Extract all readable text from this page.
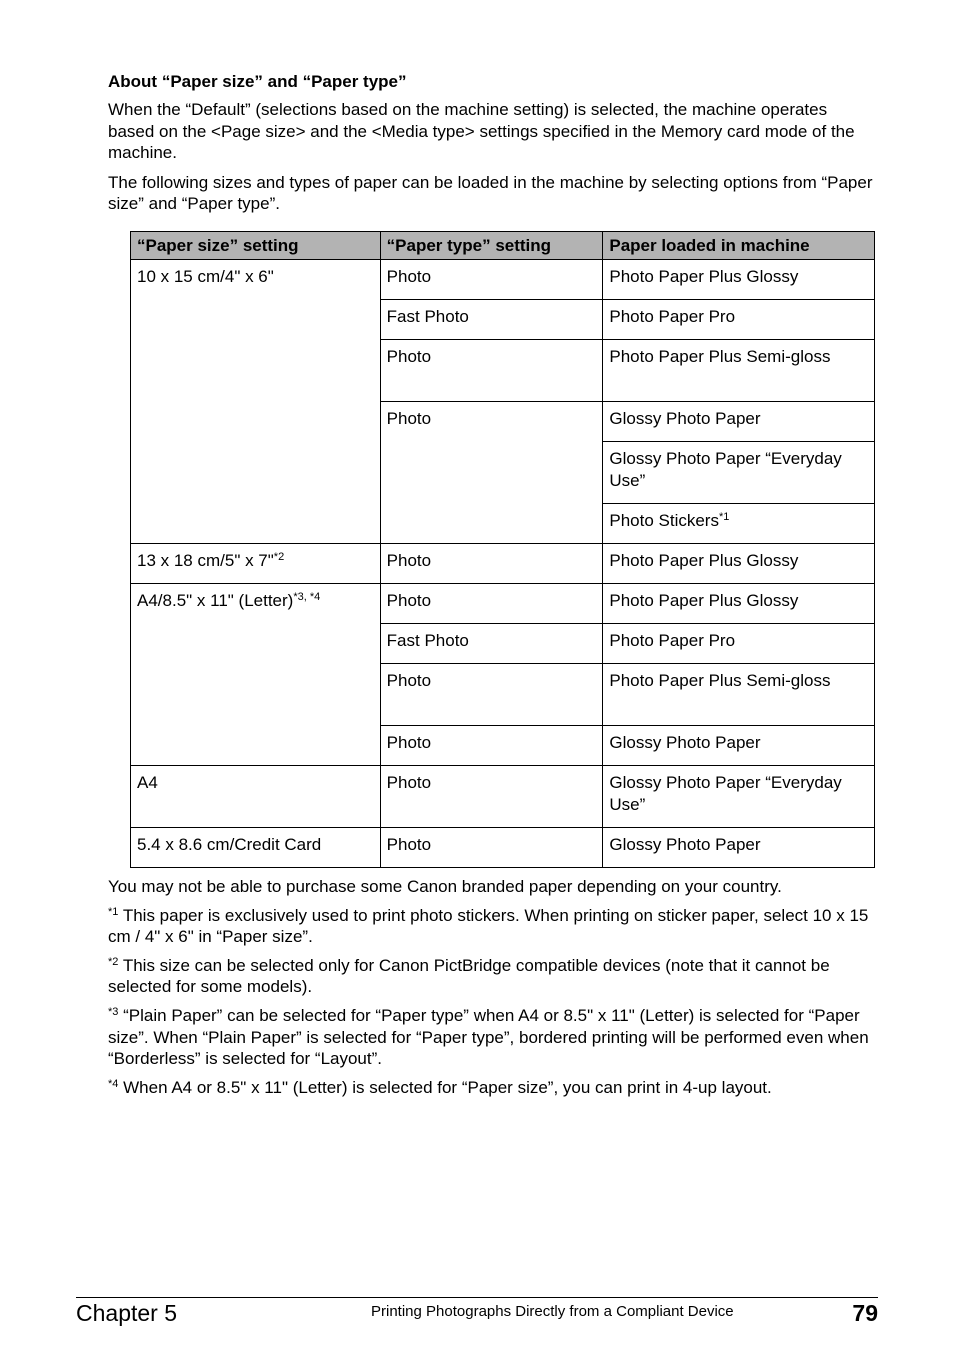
About “Paper size” and “Paper type”

When the “Default” (selections based on the machine setting) is selected, the machine operates based on the <Page size> and the <Media type> settings specified in the Memory card mode of the machine.

The following sizes and types of paper can be loaded in the machine by selecting options from “Paper size” and “Paper type”.

“Paper size” setting	“Paper type” setting	Paper loaded in machine
10 x 15 cm/4" x 6"	Photo	Photo Paper Plus Glossy
	Fast Photo	Photo Paper Pro
	Photo	Photo Paper Plus Semi-gloss
	Photo	Glossy Photo Paper
		Glossy Photo Paper “Everyday Use”
		Photo Stickers$^{*1}$
13 x 18 cm/5" x 7"$^{*2}$	Photo	Photo Paper Plus Glossy
A4/8.5" x 11" (Letter)$^{*3, *4}$	Photo	Photo Paper Plus Glossy
	Fast Photo	Photo Paper Pro
	Photo	Photo Paper Plus Semi-gloss
	Photo	Glossy Photo Paper
A4	Photo	Glossy Photo Paper “Everyday Use”
5.4 x 8.6 cm/Credit Card	Photo	Glossy Photo Paper

You may not be able to purchase some Canon branded paper depending on your country.

$^{*1}$ This paper is exclusively used to print photo stickers. When printing on sticker paper, select 10 x 15 cm / 4" x 6" in “Paper size”.

$^{*2}$ This size can be selected only for Canon PictBridge compatible devices (note that it cannot be selected for some models).

$^{*3}$ “Plain Paper” can be selected for “Paper type” when A4 or 8.5" x 11" (Letter) is selected for “Paper size”. When “Plain Paper” is selected for “Paper type”, bordered printing will be performed even when “Borderless” is selected for “Layout”.

$^{*4}$ When A4 or 8.5" x 11" (Letter) is selected for “Paper size”, you can print in 4-up layout.

Chapter 5	Printing Photographs Directly from a Compliant Device	79
